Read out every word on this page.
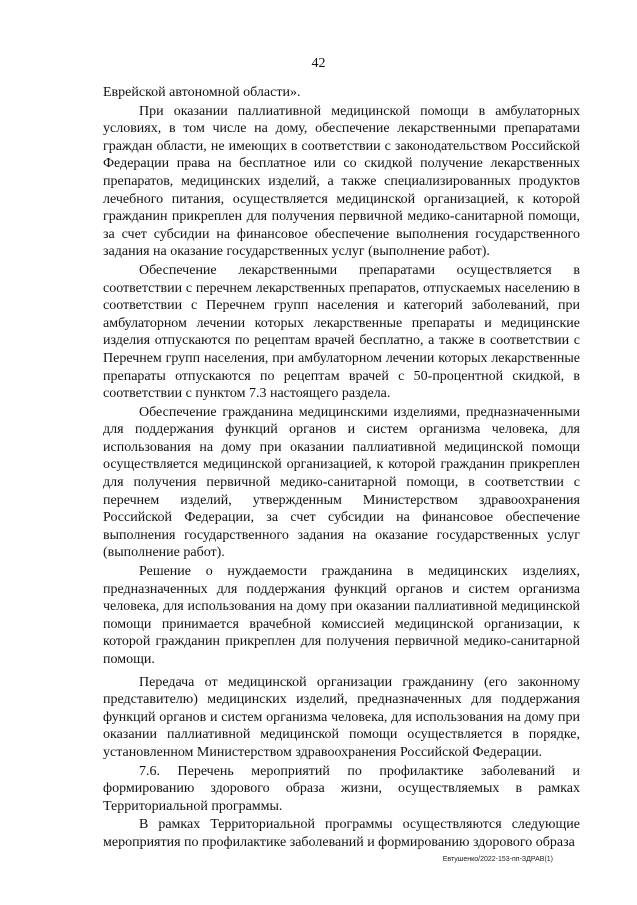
42

Еврейской автономной области».

При оказании паллиативной медицинской помощи в амбулаторных условиях, в том числе на дому, обеспечение лекарственными препаратами граждан области, не имеющих в соответствии с законодательством Российской Федерации права на бесплатное или со скидкой получение лекарственных препаратов, медицинских изделий, а также специализированных продуктов лечебного питания, осуществляется медицинской организацией, к которой гражданин прикреплен для получения первичной медико-санитарной помощи, за счет субсидии на финансовое обеспечение выполнения государственного задания на оказание государственных услуг (выполнение работ).

Обеспечение лекарственными препаратами осуществляется в соответствии с перечнем лекарственных препаратов, отпускаемых населению в соответствии с Перечнем групп населения и категорий заболеваний, при амбулаторном лечении которых лекарственные препараты и медицинские изделия отпускаются по рецептам врачей бесплатно, а также в соответствии с Перечнем групп населения, при амбулаторном лечении которых лекарственные препараты отпускаются по рецептам врачей с 50-процентной скидкой, в соответствии с пунктом 7.3 настоящего раздела.

Обеспечение гражданина медицинскими изделиями, предназначенными для поддержания функций органов и систем организма человека, для использования на дому при оказании паллиативной медицинской помощи осуществляется медицинской организацией, к которой гражданин прикреплен для получения первичной медико-санитарной помощи, в соответствии с перечнем изделий, утвержденным Министерством здравоохранения Российской Федерации, за счет субсидии на финансовое обеспечение выполнения государственного задания на оказание государственных услуг (выполнение работ).

Решение о нуждаемости гражданина в медицинских изделиях, предназначенных для поддержания функций органов и систем организма человека, для использования на дому при оказании паллиативной медицинской помощи принимается врачебной комиссией медицинской организации, к которой гражданин прикреплен для получения первичной медико-санитарной помощи.

Передача от медицинской организации гражданину (его законному представителю) медицинских изделий, предназначенных для поддержания функций органов и систем организма человека, для использования на дому при оказании паллиативной медицинской помощи осуществляется в порядке, установленном Министерством здравоохранения Российской Федерации.

7.6. Перечень мероприятий по профилактике заболеваний и формированию здорового образа жизни, осуществляемых в рамках Территориальной программы.

В рамках Территориальной программы осуществляются следующие мероприятия по профилактике заболеваний и формированию здорового образа

Евтушенко/2022-153-пп-ЗДРАВ(1)
